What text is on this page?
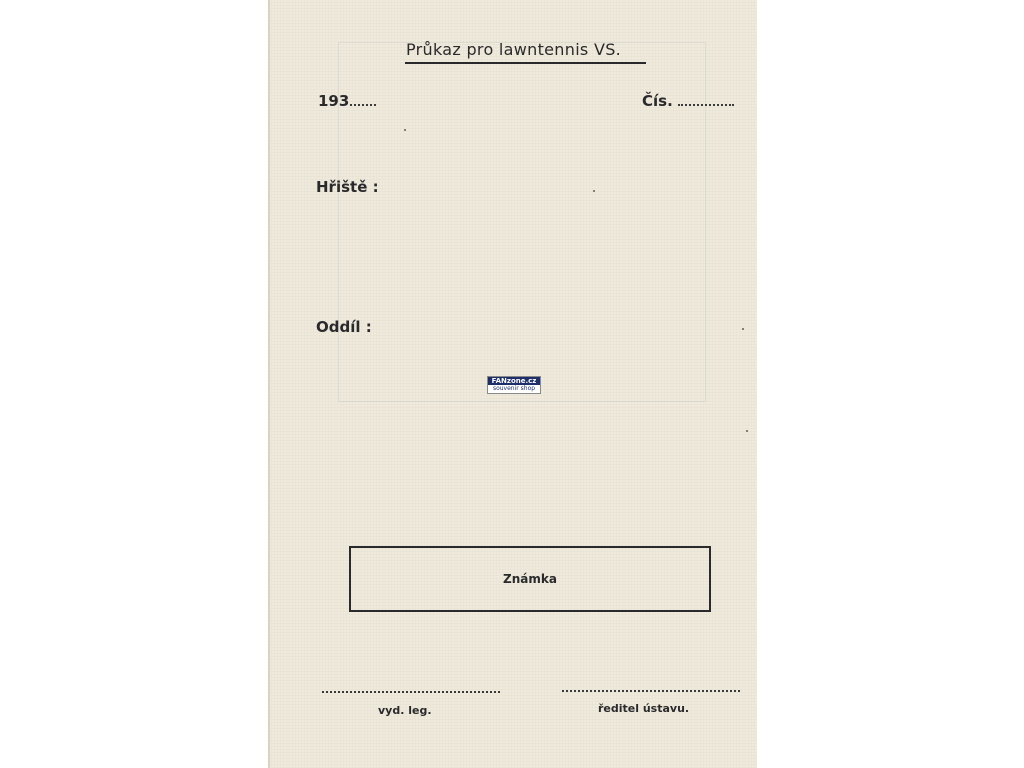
Průkaz pro lawntennis VS.
193	Čís.
Hřiště :
Oddíl :
FANzone.cz
souvenir shop
Známka
vyd. leg.	ředitel ústavu.
